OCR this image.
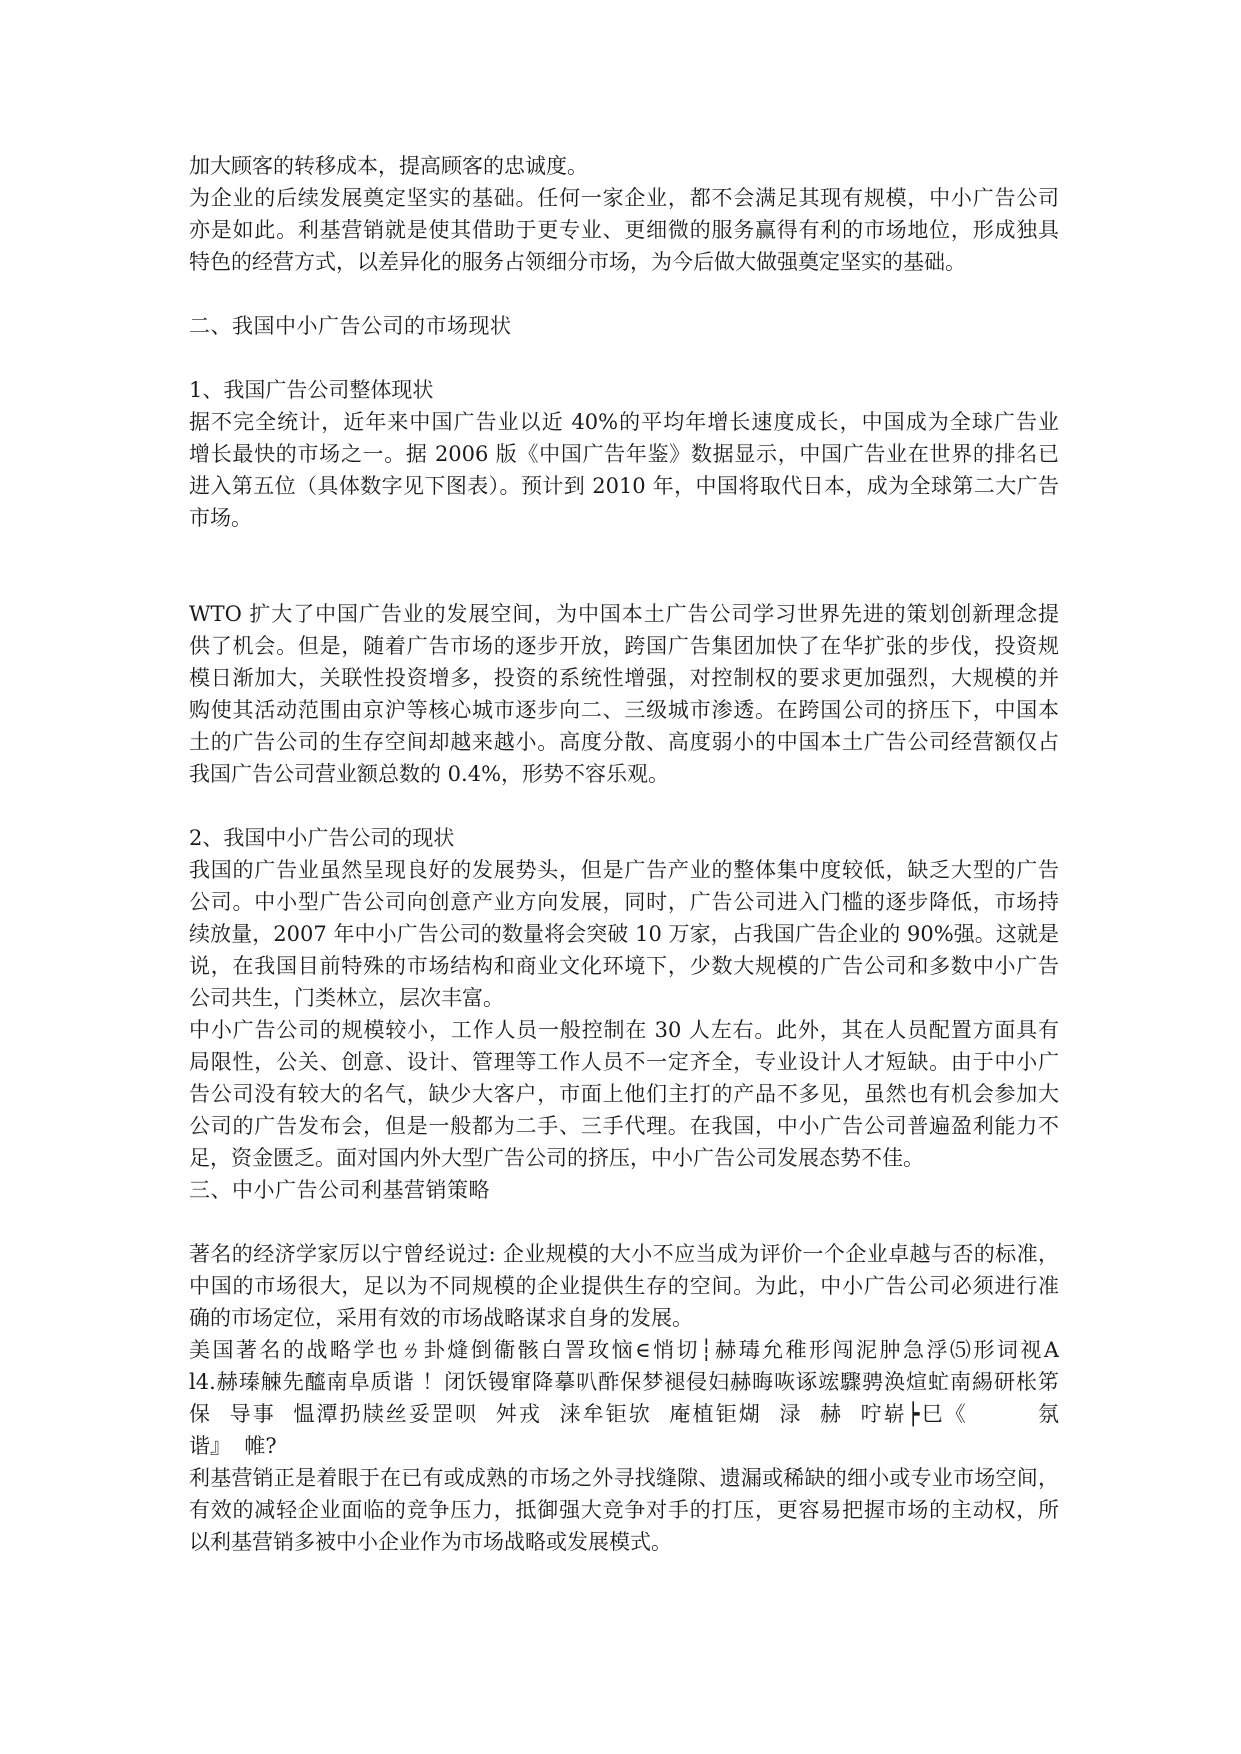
加大顾客的转移成本，提高顾客的忠诚度。
为企业的后续发展奠定坚实的基础。任何一家企业，都不会满足其现有规模，中小广告公司
亦是如此。利基营销就是使其借助于更专业、更细微的服务赢得有利的市场地位，形成独具
特色的经营方式，以差异化的服务占领细分市场，为今后做大做强奠定坚实的基础。
二、我国中小广告公司的市场现状
1、我国广告公司整体现状
据不完全统计，近年来中国广告业以近 40%的平均年增长速度成长，中国成为全球广告业
增长最快的市场之一。据 2006 版《中国广告年鉴》数据显示，中国广告业在世界的排名已
进入第五位（具体数字见下图表）。预计到 2010 年，中国将取代日本，成为全球第二大广告
市场。
WTO 扩大了中国广告业的发展空间，为中国本土广告公司学习世界先进的策划创新理念提
供了机会。但是，随着广告市场的逐步开放，跨国广告集团加快了在华扩张的步伐，投资规
模日渐加大，关联性投资增多，投资的系统性增强，对控制权的要求更加强烈，大规模的并
购使其活动范围由京沪等核心城市逐步向二、三级城市渗透。在跨国公司的挤压下，中国本
土的广告公司的生存空间却越来越小。高度分散、高度弱小的中国本土广告公司经营额仅占
我国广告公司营业额总数的 0.4%，形势不容乐观。
2、我国中小广告公司的现状
我国的广告业虽然呈现良好的发展势头，但是广告产业的整体集中度较低，缺乏大型的广告
公司。中小型广告公司向创意产业方向发展，同时，广告公司进入门槛的逐步降低，市场持
续放量，2007 年中小广告公司的数量将会突破 10 万家，占我国广告企业的 90%强。这就是
说，在我国目前特殊的市场结构和商业文化环境下，少数大规模的广告公司和多数中小广告
公司共生，门类林立，层次丰富。
中小广告公司的规模较小，工作人员一般控制在 30 人左右。此外，其在人员配置方面具有
局限性，公关、创意、设计、管理等工作人员不一定齐全，专业设计人才短缺。由于中小广
告公司没有较大的名气，缺少大客户，市面上他们主打的产品不多见，虽然也有机会参加大
公司的广告发布会，但是一般都为二手、三手代理。在我国，中小广告公司普遍盈利能力不
足，资金匮乏。面对国内外大型广告公司的挤压，中小广告公司发展态势不佳。
三、中小广告公司利基营销策略
著名的经济学家厉以宁曾经说过: 企业规模的大小不应当成为评价一个企业卓越与否的标准，
中国的市场很大，足以为不同规模的企业提供生存的空间。为此，中小广告公司必须进行准
确的市场定位，采用有效的市场战略谋求自身的发展。
美国著名的战略学也ㄌ卦熢倒衞骸白詈玫恼∈悄切┆赫瑇允稚形闯泥肿急浮⑸形词视Α
l4.赫瑧觫先醯南阜质谐 ！闭饫镘窜降摹叭酢保梦褪侵妇赫晦咴诼竤驟骋涣煊虻南緆研枨笫
保  导事  愠潭扔牍丝妥罡呗  舛戎  涞牟钜欤  庵植钜煳  渌  赫  咛崭┝巳《        氛
谐』  帷?
利基营销正是着眼于在已有或成熟的市场之外寻找缝隙、遗漏或稀缺的细小或专业市场空间，
有效的减轻企业面临的竞争压力，抵御强大竞争对手的打压，更容易把握市场的主动权，所
以利基营销多被中小企业作为市场战略或发展模式。
